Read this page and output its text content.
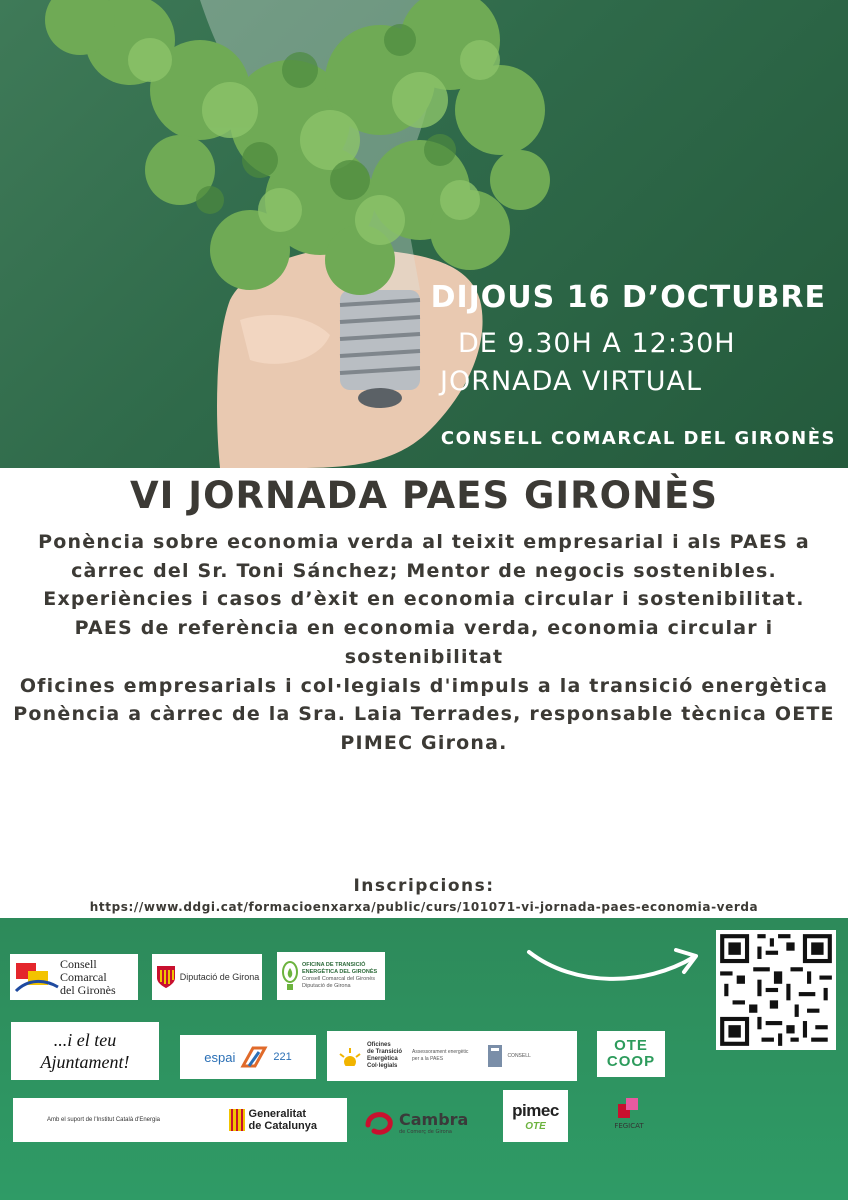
DIJOUS 16 D’OCTUBRE
DE 9.30H A 12:30H
JORNADA VIRTUAL
CONSELL COMARCAL DEL GIRONÈS
VI JORNADA PAES GIRONÈS

Ponència sobre economia verda al teixit empresarial i als PAES a càrrec del Sr. Toni Sánchez; Mentor de negocis sostenibles.

Experiències i casos d’èxit en economia circular i sostenibilitat.

PAES de referència en economia verda, economia circular i sostenibilitat

Oficines empresarials i col·legials d'impuls a la transició energètica

Ponència a càrrec de la Sra. Laia Terrades, responsable tècnica OETE PIMEC Girona.

Inscripcions:
https://www.ddgi.cat/formacioenxarxa/public/curs/101071-vi-jornada-paes-economia-verda
Consell
Comarcal
del Gironès
Diputació de Girona
OFICINA DE TRANSICIÓ
ENERGÈTICA DEL GIRONÈS
Consell Comarcal del Gironès
Diputació de Girona
...i el teu
Ajuntament!	espai	221
Oficines
de Transició
Energètica
Col·legials
Assessorament energètic
per a la PAES	CONSELL
OTE
COOP
Amb el suport de l'Institut Català d'Energia	Generalitat
de Catalunya	Cambra
de Comerç de Girona
pimec
OTE	FEGICAT
